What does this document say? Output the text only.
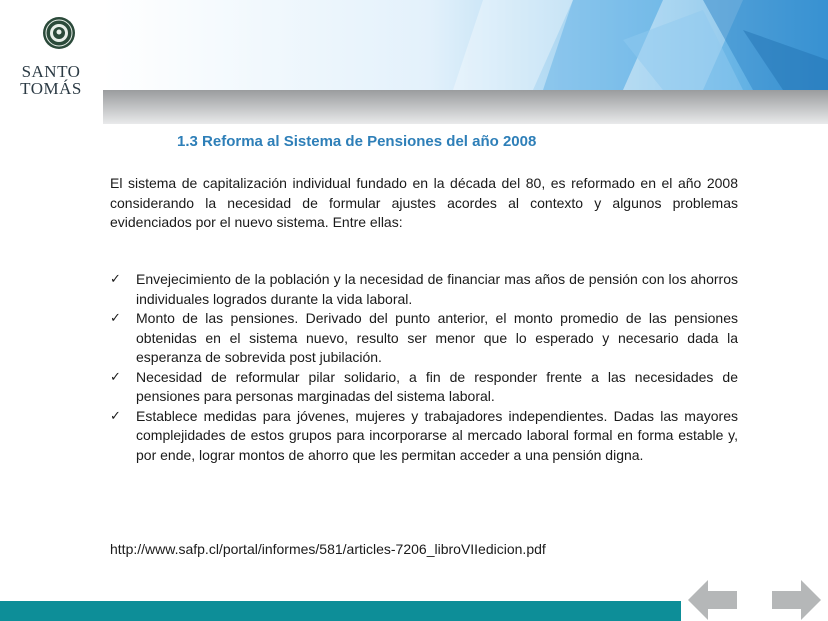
SANTO
TOMÁS
1.3 Reforma al Sistema de Pensiones del año 2008
El sistema de capitalización individual fundado en la década del 80, es reformado en el año 2008 considerando la necesidad de formular ajustes acordes al contexto y algunos problemas evidenciados por el nuevo sistema. Entre ellas:
✓ Envejecimiento de la población y la necesidad de financiar mas años de pensión con los ahorros individuales logrados durante la vida laboral.
✓ Monto de las pensiones. Derivado del punto anterior, el monto promedio de las pensiones obtenidas en el sistema nuevo, resulto ser menor que lo esperado y necesario dada la esperanza de sobrevida post jubilación.
✓ Necesidad de reformular pilar solidario, a fin de responder frente a las necesidades de pensiones para personas marginadas del sistema laboral.
✓ Establece medidas para jóvenes, mujeres y trabajadores independientes. Dadas las mayores complejidades de estos grupos para incorporarse al mercado laboral formal en forma estable y, por ende, lograr montos de ahorro que les permitan acceder a una pensión digna.
http://www.safp.cl/portal/informes/581/articles-7206_libroVIIedicion.pdf
